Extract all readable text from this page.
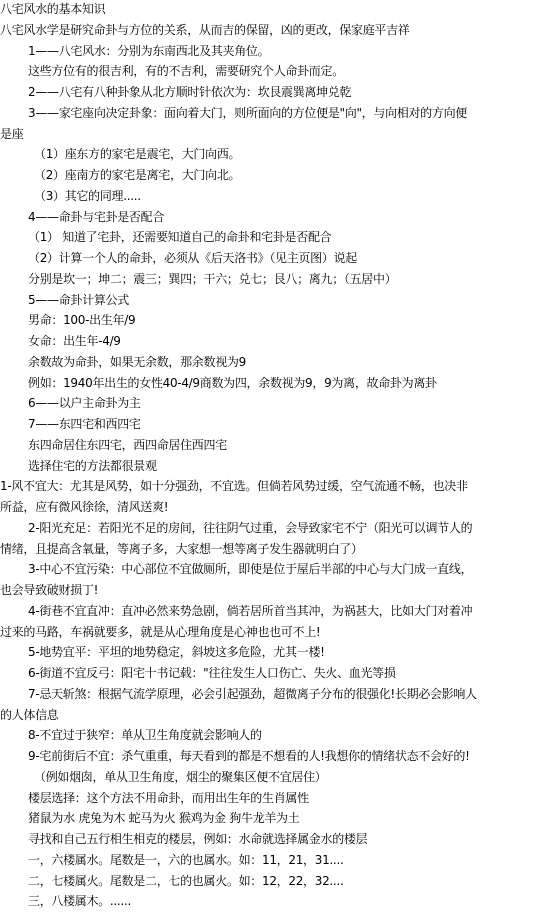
八宅风水的基本知识
八宅风水学是研究命卦与方位的关系，从而吉的保留，凶的更改，保家庭平吉祥
1——八宅风水：分别为东南西北及其夹角位。
这些方位有的很吉利，有的不吉利，需要研究个人命卦而定。
2——八宅有八种卦象从北方顺时针依次为：坎艮震巽离坤兑乾
3——家宅座向决定卦象：面向着大门，则所面向的方位便是"向"，与向相对的方向便
是座
（1）座东方的家宅是震宅，大门向西。
（2）座南方的家宅是离宅，大门向北。
（3）其它的同理.....
4——命卦与宅卦是否配合
（1） 知道了宅卦，还需要知道自己的命卦和宅卦是否配合
（2）计算一个人的命卦，必须从《后天洛书》（见主页图）说起
分别是坎一；坤二；震三；巽四；干六；兑七；艮八；离九；（五居中）
5——命卦计算公式
男命：100-出生年/9
女命：出生年-4/9
余数故为命卦，如果无余数，那余数视为9
例如：1940年出生的女性40-4/9商数为四，余数视为9，9为离，故命卦为离卦
6——以户主命卦为主
7——东四宅和西四宅
东四命居住东四宅，西四命居住西四宅
选择住宅的方法都很景观
1-风不宜大：尤其是风势，如十分强劲，不宜选。但倘若风势过缓，空气流通不畅，也决非
所益，应有微风徐徐，清风送爽!
2-阳光充足：若阳光不足的房间，往往阴气过重，会导致家宅不宁（阳光可以调节人的
情绪，且提高含氧量，等离子多，大家想一想等离子发生器就明白了）
3-中心不宜污染：中心部位不宜做厕所，即使是位于屋后半部的中心与大门成一直线，
也会导致破财损丁!
4-街巷不宜直冲：直冲必然来势急剧，倘若居所首当其冲，为祸甚大，比如大门对着冲
过来的马路，车祸就要多，就是从心理角度是心神也也可不上!
5-地势宜平：平坦的地势稳定，斜坡这多危险，尤其一楼!
6-街道不宜反弓：阳宅十书记载："往往发生人口伤亡、失火、血光等损
7-忌天斩煞：根据气流学原理，必会引起强劲，超微离子分布的很强化!长期必会影响人
的人体信息
8-不宜过于狭窄：单从卫生角度就会影响人的
9-宅前街后不宜：杀气重重，每天看到的都是不想看的人!我想你的情绪状态不会好的!
（例如烟囱，单从卫生角度，烟尘的聚集区便不宜居住）
楼层选择：这个方法不用命卦，而用出生年的生肖属性
猪鼠为水 虎兔为木 蛇马为火 猴鸡为金 狗牛龙羊为土
寻找和自己五行相生相克的楼层，例如：水命就选择属金水的楼层
一，六楼属水。尾数是一，六的也属水。如：11，21，31....
二，七楼属火。尾数是二，七的也属火。如：12，22，32....
三，八楼属木。......
